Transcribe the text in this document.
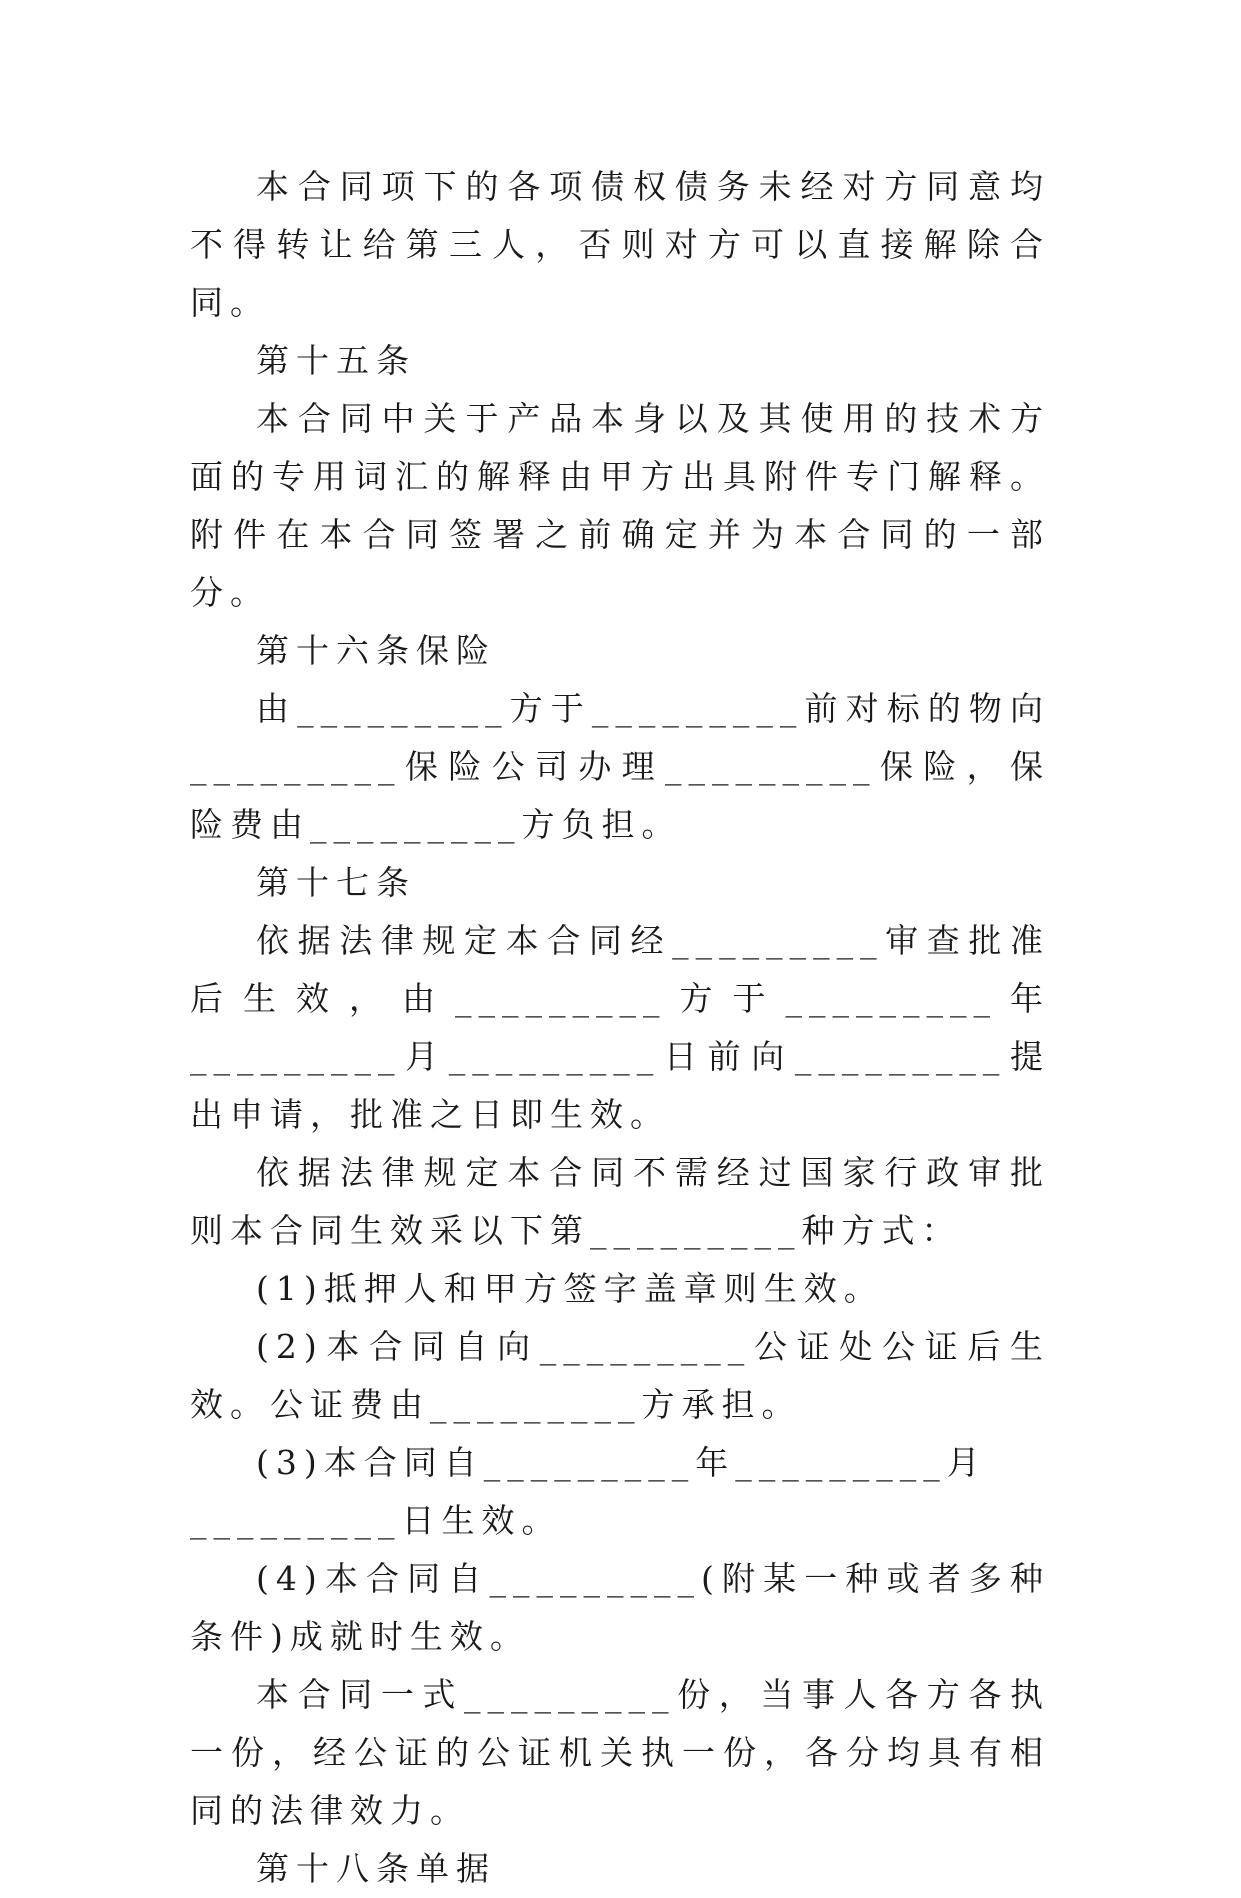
本合同项下的各项债权债务未经对方同意均不得转让给第三人，否则对方可以直接解除合同。

第十五条

本合同中关于产品本身以及其使用的技术方面的专用词汇的解释由甲方出具附件专门解释。附件在本合同签署之前确定并为本合同的一部分。

第十六条保险

由_________方于_________前对标的物向_________保险公司办理_________保险，保险费由_________方负担。

第十七条

依据法律规定本合同经_________审查批准后生效，由_________方于_________年_________月_________日前向_________提出申请，批准之日即生效。

依据法律规定本合同不需经过国家行政审批则本合同生效采以下第_________种方式：

(1)抵押人和甲方签字盖章则生效。

(2)本合同自向_________公证处公证后生效。公证费由_________方承担。

(3)本合同自_________年_________月_________日生效。

(4)本合同自_________(附某一种或者多种条件)成就时生效。

本合同一式_________份，当事人各方各执一份，经公证的公证机关执一份，各分均具有相同的法律效力。

第十八条单据
